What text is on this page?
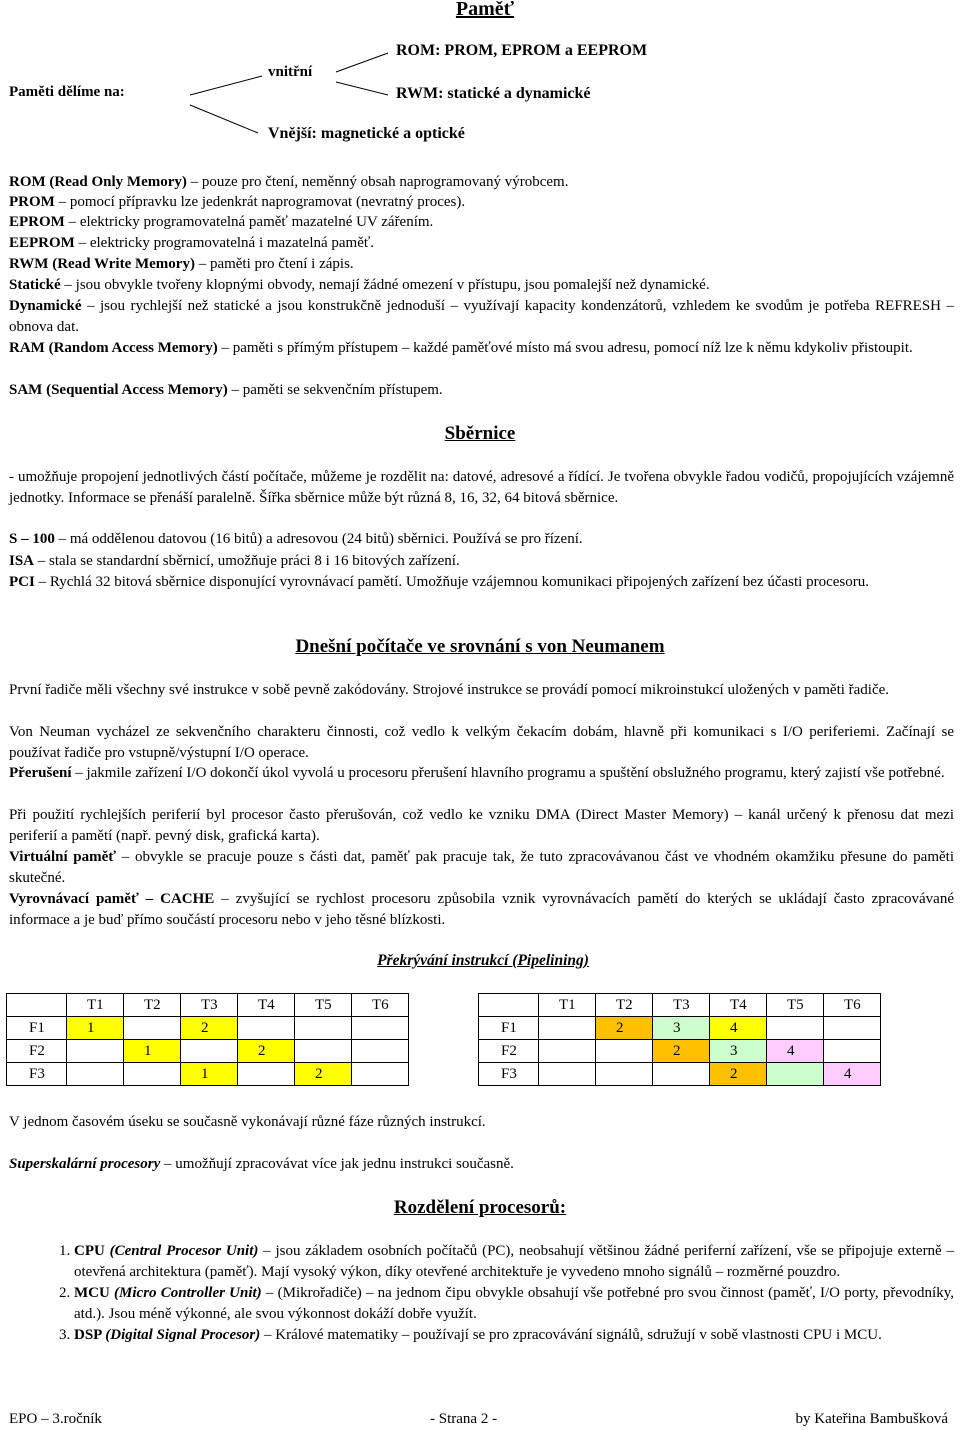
Paměť
Paměti dělíme na:
vnitřní
ROM: PROM, EPROM a EEPROM
RWM: statické a dynamické
Vnější: magnetické a optické

ROM (Read Only Memory) – pouze pro čtení, neměnný obsah naprogramovaný výrobcem.

PROM – pomocí přípravku lze jedenkrát naprogramovat (nevratný proces).

EPROM – elektricky programovatelná paměť mazatelné UV zářením.

EEPROM – elektricky programovatelná i mazatelná paměť.

RWM (Read Write Memory) – paměti pro čtení i zápis.

Statické – jsou obvykle tvořeny klopnými obvody, nemají žádné omezení v přístupu, jsou pomalejší než dynamické.

Dynamické – jsou rychlejší než statické a jsou konstrukčně jednoduší – využívají kapacity kondenzátorů, vzhledem ke svodům je potřeba REFRESH – obnova dat.

RAM (Random Access Memory) – paměti s přímým přístupem – každé paměťové místo má svou adresu, pomocí níž lze k němu kdykoliv přistoupit.

SAM (Sequential Access Memory) – paměti se sekvenčním přístupem.

Sběrnice

- umožňuje propojení jednotlivých částí počítače, můžeme je rozdělit na: datové, adresové a řídící. Je tvořena obvykle řadou vodičů, propojujících vzájemně jednotky. Informace se přenáší paralelně. Šířka sběrnice může být různá 8, 16, 32, 64 bitová sběrnice.

S – 100 – má oddělenou datovou (16 bitů) a adresovou (24 bitů) sběrnici. Používá se pro řízení.

ISA – stala se standardní sběrnicí, umožňuje práci 8 i 16 bitových zařízení.

PCI – Rychlá 32 bitová sběrnice disponující vyrovnávací pamětí. Umožňuje vzájemnou komunikaci připojených zařízení bez účasti procesoru.

Dnešní počítače ve srovnání s von Neumanem

První řadiče měli všechny své instrukce v sobě pevně zakódovány. Strojové instrukce se provádí pomocí mikroinstukcí uložených v paměti řadiče.

Von Neuman vycházel ze sekvenčního charakteru činnosti, což vedlo k velkým čekacím dobám, hlavně při komunikaci s I/O periferiemi. Začínají se používat řadiče pro vstupně/výstupní I/O operace.

Přerušení – jakmile zařízení I/O dokončí úkol vyvolá u procesoru přerušení hlavního programu a spuštění obslužného programu, který zajistí vše potřebné.

Při použití rychlejších periferií byl procesor často přerušován, což vedlo ke vzniku DMA (Direct Master Memory) – kanál určený k přenosu dat mezi periferií a pamětí (např. pevný disk, grafická karta).

Virtuální paměť – obvykle se pracuje pouze s části dat, paměť pak pracuje tak, že tuto zpracovávanou část ve vhodném okamžiku přesune do paměti skutečné.

Vyrovnávací paměť – CACHE – zvyšující se rychlost procesoru způsobila vznik vyrovnávacích pamětí do kterých se ukládají často zpracovávané informace a je buď přímo součástí procesoru nebo v jeho těsné blízkosti.

Překrývání instrukcí (Pipelining)
	T1	T2	T3	T4	T5	T6
F1	1		2			
F2		1		2		
F3			1		2	
	T1	T2	T3	T4	T5	T6
F1		2	3	4		
F2			2	3	4	
F3				2		4

V jednom časovém úseku se současně vykonávají různé fáze různých instrukcí.

Superskalární procesory – umožňují zpracovávat více jak jednu instrukci současně.

Rozdělení procesorů:
1. CPU (Central Procesor Unit) – jsou základem osobních počítačů (PC), neobsahují většinou žádné periferní zařízení, vše se připojuje externě – otevřená architektura (paměť). Mají vysoký výkon, díky otevřené architektuře je vyvedeno mnoho signálů – rozměrné pouzdro.
2. MCU (Micro Controller Unit) – (Mikrořadiče) – na jednom čipu obvykle obsahují vše potřebné pro svou činnost (paměť, I/O porty, převodníky, atd.). Jsou méně výkonné, ale svou výkonnost dokáží dobře využít.
3. DSP (Digital Signal Procesor) – Králové matematiky – používají se pro zpracovávání signálů, sdružují v sobě vlastnosti CPU i MCU.
EPO – 3.ročník	- Strana 2 -	by Kateřina Bambušková
